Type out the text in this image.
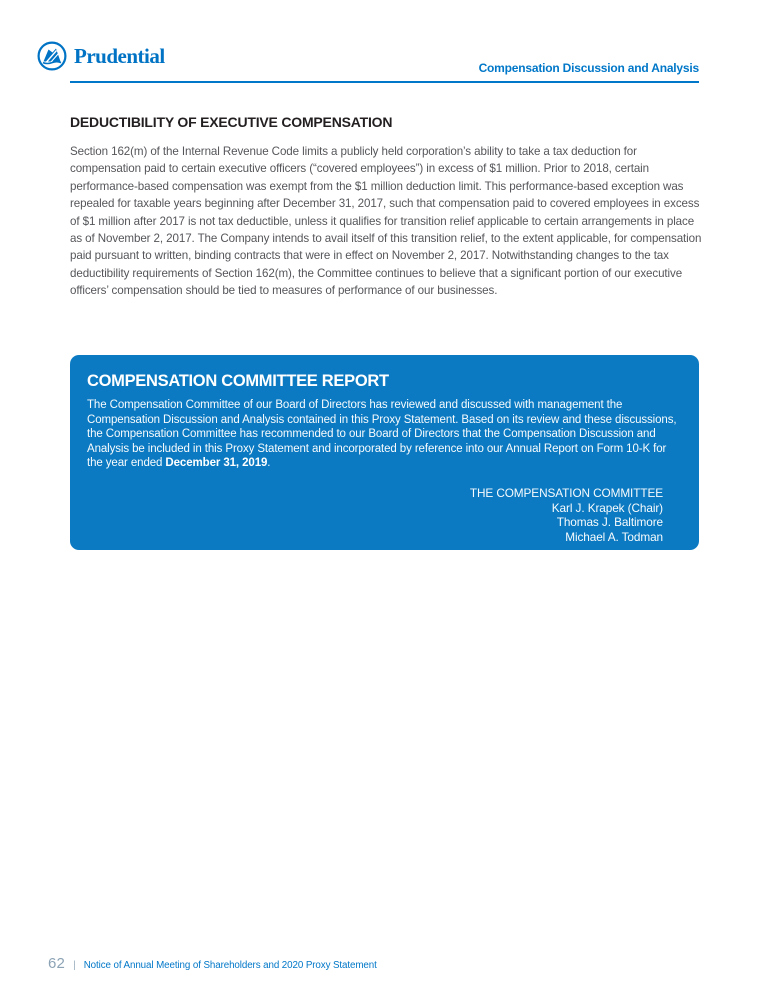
Prudential
Compensation Discussion and Analysis
DEDUCTIBILITY OF EXECUTIVE COMPENSATION

Section 162(m) of the Internal Revenue Code limits a publicly held corporation’s ability to take a tax deduction for compensation paid to certain executive officers (“covered employees”) in excess of $1 million. Prior to 2018, certain performance-based compensation was exempt from the $1 million deduction limit. This performance-based exception was repealed for taxable years beginning after December 31, 2017, such that compensation paid to covered employees in excess of $1 million after 2017 is not tax deductible, unless it qualifies for transition relief applicable to certain arrangements in place as of November 2, 2017. The Company intends to avail itself of this transition relief, to the extent applicable, for compensation paid pursuant to written, binding contracts that were in effect on November 2, 2017. Notwithstanding changes to the tax deductibility requirements of Section 162(m), the Committee continues to believe that a significant portion of our executive officers’ compensation should be tied to measures of performance of our businesses.

COMPENSATION COMMITTEE REPORT

The Compensation Committee of our Board of Directors has reviewed and discussed with management the Compensation Discussion and Analysis contained in this Proxy Statement. Based on its review and these discussions, the Compensation Committee has recommended to our Board of Directors that the Compensation Discussion and Analysis be included in this Proxy Statement and incorporated by reference into our Annual Report on Form 10-K for the year ended December 31, 2019.

THE COMPENSATION COMMITTEE
Karl J. Krapek (Chair)
Thomas J. Baltimore
Michael A. Todman
62 | Notice of Annual Meeting of Shareholders and 2020 Proxy Statement
